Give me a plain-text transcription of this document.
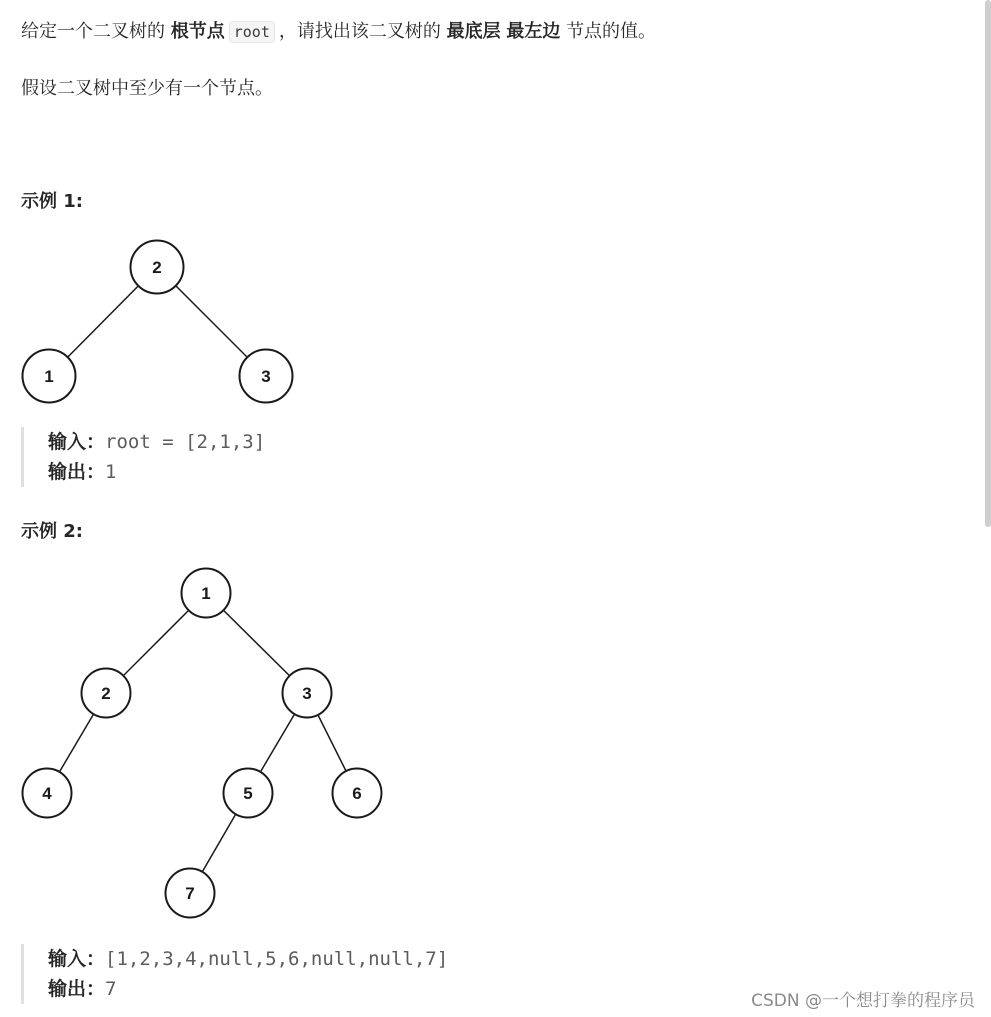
给定一个二叉树的 根节点 root ，请找出该二叉树的 最底层 最左边 节点的值。

假设二叉树中至少有一个节点。

示例 1:

2
1	3
输入：root = [2,1,3]
输出：1

示例 2:

1
2	3
4	5	6
7
输入：[1,2,3,4,null,5,6,null,null,7]
输出：7
CSDN @一个想打拳的程序员
